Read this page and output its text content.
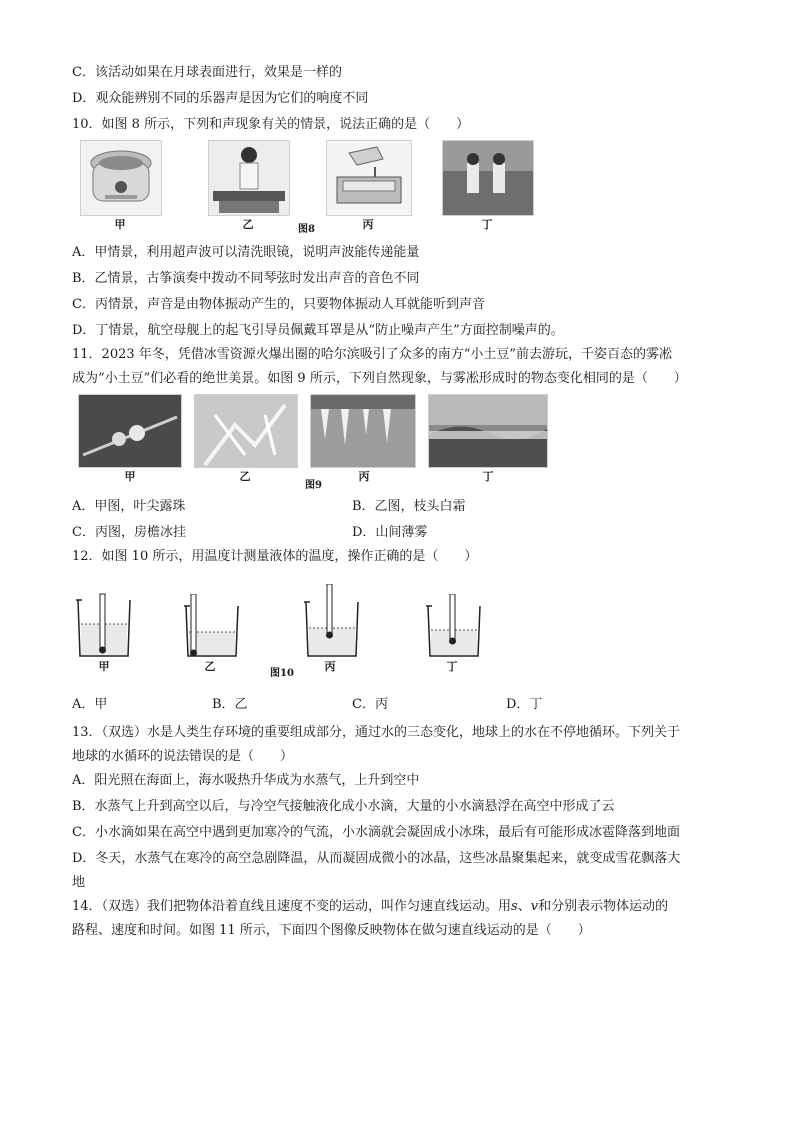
C．该活动如果在月球表面进行，效果是一样的
D．观众能辨别不同的乐器声是因为它们的响度不同
10．如图 8 所示，下列和声现象有关的情景，说法正确的是（　　）
甲	乙	丙
图8	丁
A．甲情景，利用超声波可以清洗眼镜，说明声波能传递能量
B．乙情景，古筝演奏中拨动不同琴弦时发出声音的音色不同
C．丙情景，声音是由物体振动产生的，只要物体振动人耳就能听到声音
D．丁情景，航空母舰上的起飞引导员佩戴耳罩是从“防止噪声产生”方面控制噪声的。
11．2023 年冬，凭借冰雪资源火爆出圈的哈尔滨吸引了众多的南方“小土豆”前去游玩，千姿百态的雾凇
成为“小土豆”们必看的绝世美景。如图 9 所示，下列自然现象，与雾凇形成时的物态变化相同的是（　　）
甲	乙	丙
图9
丁
A．甲图，叶尖露珠	B．乙图，枝头白霜
C．丙图，房檐冰挂	D．山间薄雾
12．如图 10 所示，用温度计测量液体的温度，操作正确的是（　　）
甲	乙	丙
图10
丁
A．甲	B．乙	C．丙	D．丁
13．（双选）水是人类生存环境的重要组成部分，通过水的三态变化，地球上的水在不停地循环。下列关于
地球的水循环的说法错误的是（　　）
A．阳光照在海面上，海水吸热升华成为水蒸气，上升到空中
B．水蒸气上升到高空以后，与冷空气接触液化成小水滴，大量的小水滴悬浮在高空中形成了云
C．小水滴如果在高空中遇到更加寒冷的气流，小水滴就会凝固成小冰珠，最后有可能形成冰雹降落到地面
D．冬天，水蒸气在寒冷的高空急剧降温，从而凝固成微小的冰晶，这些冰晶聚集起来，就变成雪花飘落大
地
14．（双选）我们把物体沿着直线且速度不变的运动，叫作匀速直线运动。用s、v和分别表示物体运动的
路程、速度和时间。如图 11 所示，下面四个图像反映物体在做匀速直线运动的是（　　）
